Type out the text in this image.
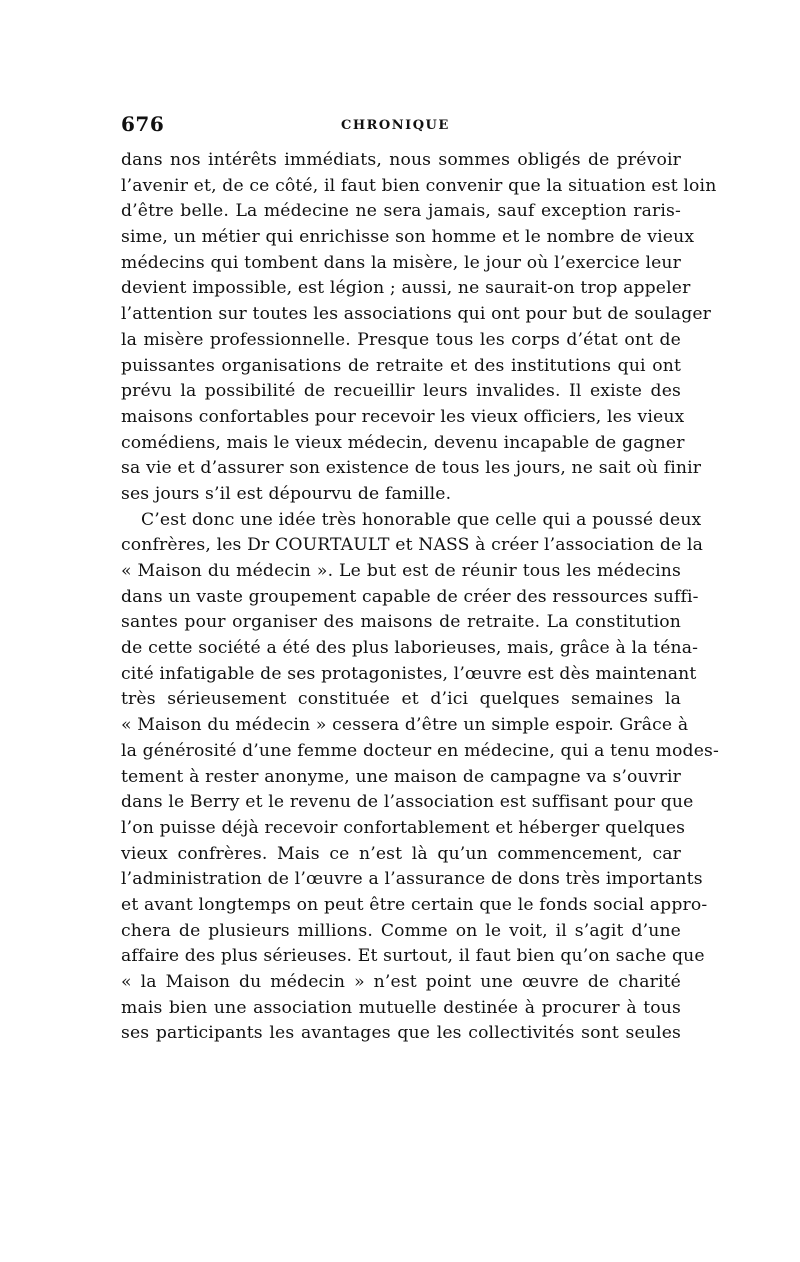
676	CHRONIQUE
dans nos intérêts immédiats, nous sommes obligés de prévoir
l’avenir et, de ce côté, il faut bien convenir que la situation est loin
d’être belle. La médecine ne sera jamais, sauf exception raris-
sime, un métier qui enrichisse son homme et le nombre de vieux
médecins qui tombent dans la misère, le jour où l’exercice leur
devient impossible, est légion ; aussi, ne saurait-on trop appeler
l’attention sur toutes les associations qui ont pour but de soulager
la misère professionnelle. Presque tous les corps d’état ont de
puissantes organisations de retraite et des institutions qui ont
prévu la possibilité de recueillir leurs invalides. Il existe des
maisons confortables pour recevoir les vieux officiers, les vieux
comédiens, mais le vieux médecin, devenu incapable de gagner
sa vie et d’assurer son existence de tous les jours, ne sait où finir
ses jours s’il est dépourvu de famille.
C’est donc une idée très honorable que celle qui a poussé deux
confrères, les Dr COURTAULT et NASS à créer l’association de la
« Maison du médecin ». Le but est de réunir tous les médecins
dans un vaste groupement capable de créer des ressources suffi-
santes pour organiser des maisons de retraite. La constitution
de cette société a été des plus laborieuses, mais, grâce à la téna-
cité infatigable de ses protagonistes, l’œuvre est dès maintenant
très sérieusement constituée et d’ici quelques semaines la
« Maison du médecin » cessera d’être un simple espoir. Grâce à
la générosité d’une femme docteur en médecine, qui a tenu modes-
tement à rester anonyme, une maison de campagne va s’ouvrir
dans le Berry et le revenu de l’association est suffisant pour que
l’on puisse déjà recevoir confortablement et héberger quelques
vieux confrères. Mais ce n’est là qu’un commencement, car
l’administration de l’œuvre a l’assurance de dons très importants
et avant longtemps on peut être certain que le fonds social appro-
chera de plusieurs millions. Comme on le voit, il s’agit d’une
affaire des plus sérieuses. Et surtout, il faut bien qu’on sache que
« la Maison du médecin » n’est point une œuvre de charité
mais bien une association mutuelle destinée à procurer à tous
ses participants les avantages que les collectivités sont seules
